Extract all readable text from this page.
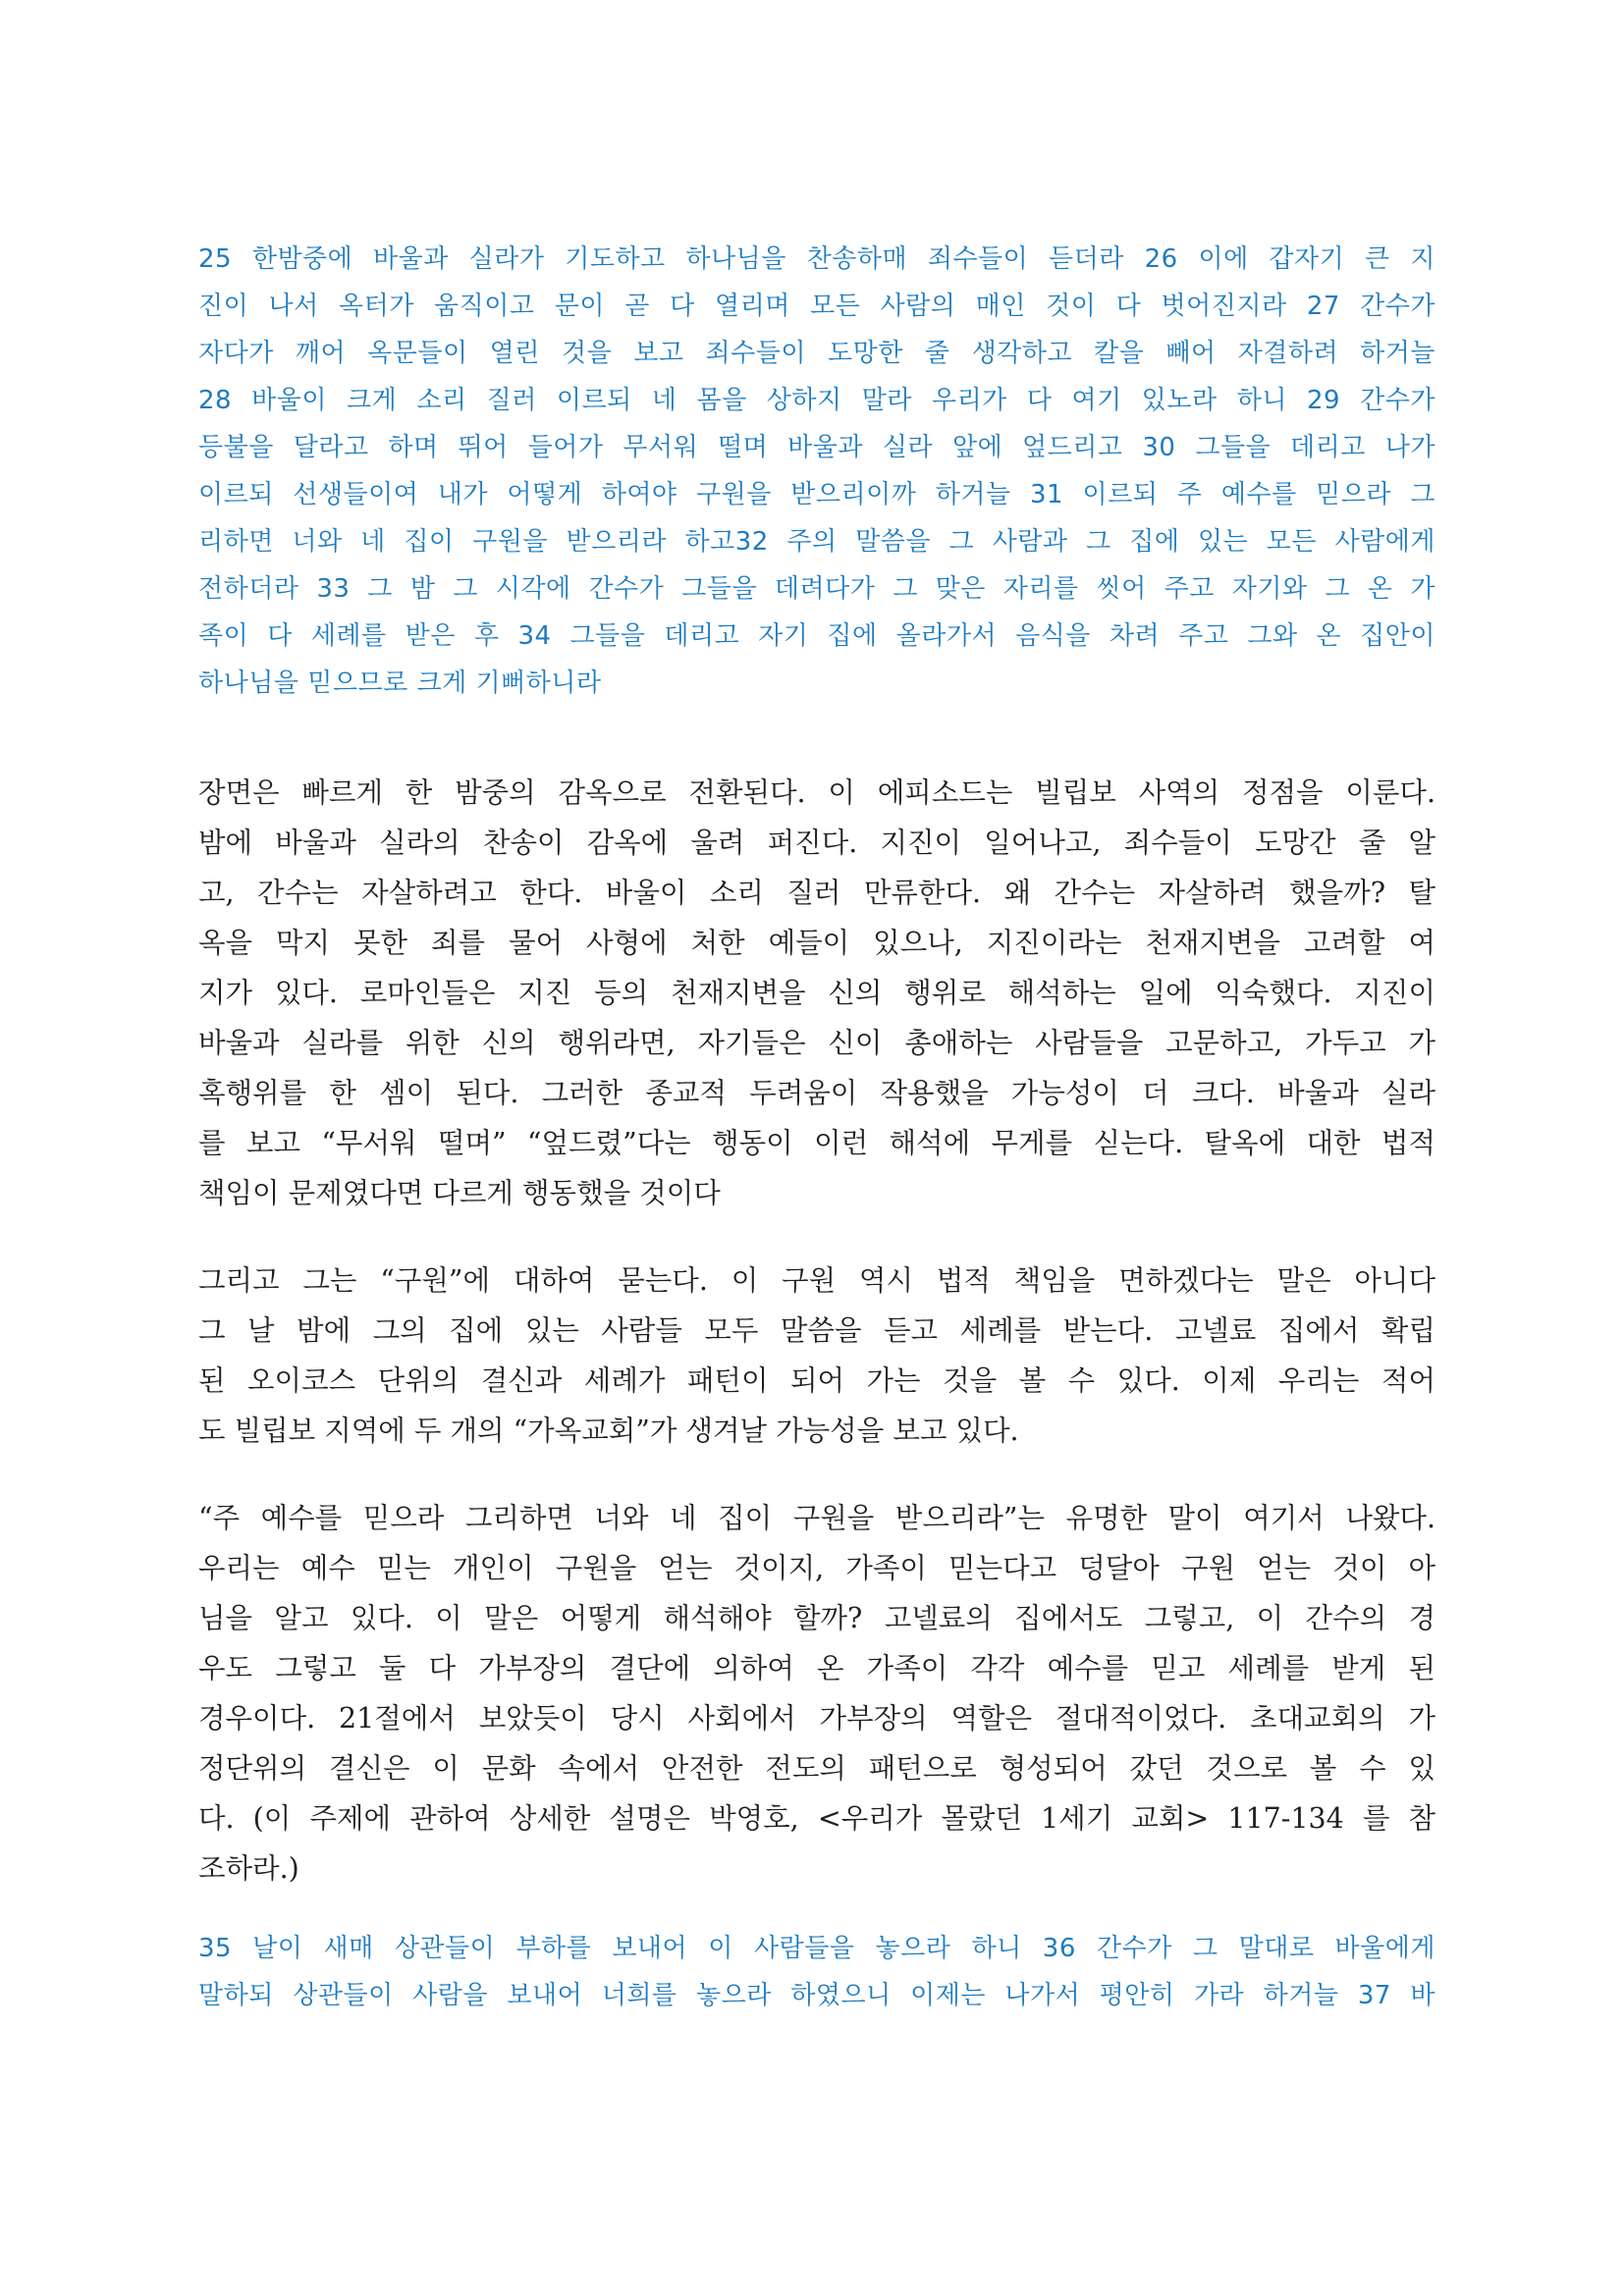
25 한밤중에 바울과 실라가 기도하고 하나님을 찬송하매 죄수들이 듣더라 26 이에 갑자기 큰 지
진이 나서 옥터가 움직이고 문이 곧 다 열리며 모든 사람의 매인 것이 다 벗어진지라 27 간수가
자다가 깨어 옥문들이 열린 것을 보고 죄수들이 도망한 줄 생각하고 칼을 빼어 자결하려 하거늘
28 바울이 크게 소리 질러 이르되 네 몸을 상하지 말라 우리가 다 여기 있노라 하니 29 간수가
등불을 달라고 하며 뛰어 들어가 무서워 떨며 바울과 실라 앞에 엎드리고 30 그들을 데리고 나가
이르되 선생들이여 내가 어떻게 하여야 구원을 받으리이까 하거늘 31 이르되 주 예수를 믿으라 그
리하면 너와 네 집이 구원을 받으리라 하고32 주의 말씀을 그 사람과 그 집에 있는 모든 사람에게
전하더라 33 그 밤 그 시각에 간수가 그들을 데려다가 그 맞은 자리를 씻어 주고 자기와 그 온 가
족이 다 세례를 받은 후 34 그들을 데리고 자기 집에 올라가서 음식을 차려 주고 그와 온 집안이
하나님을 믿으므로 크게 기뻐하니라
장면은 빠르게 한 밤중의 감옥으로 전환된다. 이 에피소드는 빌립보 사역의 정점을 이룬다.
밤에 바울과 실라의 찬송이 감옥에 울려 퍼진다. 지진이 일어나고, 죄수들이 도망간 줄 알
고, 간수는 자살하려고 한다. 바울이 소리 질러 만류한다. 왜 간수는 자살하려 했을까? 탈
옥을 막지 못한 죄를 물어 사형에 처한 예들이 있으나, 지진이라는 천재지변을 고려할 여
지가 있다. 로마인들은 지진 등의 천재지변을 신의 행위로 해석하는 일에 익숙했다. 지진이
바울과 실라를 위한 신의 행위라면, 자기들은 신이 총애하는 사람들을 고문하고, 가두고 가
혹행위를 한 셈이 된다. 그러한 종교적 두려움이 작용했을 가능성이 더 크다. 바울과 실라
를 보고 “무서워 떨며” “엎드렸”다는 행동이 이런 해석에 무게를 싣는다. 탈옥에 대한 법적
책임이 문제였다면 다르게 행동했을 것이다
그리고 그는 “구원”에 대하여 묻는다. 이 구원 역시 법적 책임을 면하겠다는 말은 아니다
그 날 밤에 그의 집에 있는 사람들 모두 말씀을 듣고 세례를 받는다. 고넬료 집에서 확립
된 오이코스 단위의 결신과 세례가 패턴이 되어 가는 것을 볼 수 있다. 이제 우리는 적어
도 빌립보 지역에 두 개의 “가옥교회”가 생겨날 가능성을 보고 있다.
“주 예수를 믿으라 그리하면 너와 네 집이 구원을 받으리라”는 유명한 말이 여기서 나왔다.
우리는 예수 믿는 개인이 구원을 얻는 것이지, 가족이 믿는다고 덩달아 구원 얻는 것이 아
님을 알고 있다. 이 말은 어떻게 해석해야 할까? 고넬료의 집에서도 그렇고, 이 간수의 경
우도 그렇고 둘 다 가부장의 결단에 의하여 온 가족이 각각 예수를 믿고 세례를 받게 된
경우이다. 21절에서 보았듯이 당시 사회에서 가부장의 역할은 절대적이었다. 초대교회의 가
정단위의 결신은 이 문화 속에서 안전한 전도의 패턴으로 형성되어 갔던 것으로 볼 수 있
다. (이 주제에 관하여 상세한 설명은 박영호, <우리가 몰랐던 1세기 교회> 117-134 를 참
조하라.)
35 날이 새매 상관들이 부하를 보내어 이 사람들을 놓으라 하니 36 간수가 그 말대로 바울에게
말하되 상관들이 사람을 보내어 너희를 놓으라 하였으니 이제는 나가서 평안히 가라 하거늘 37 바
